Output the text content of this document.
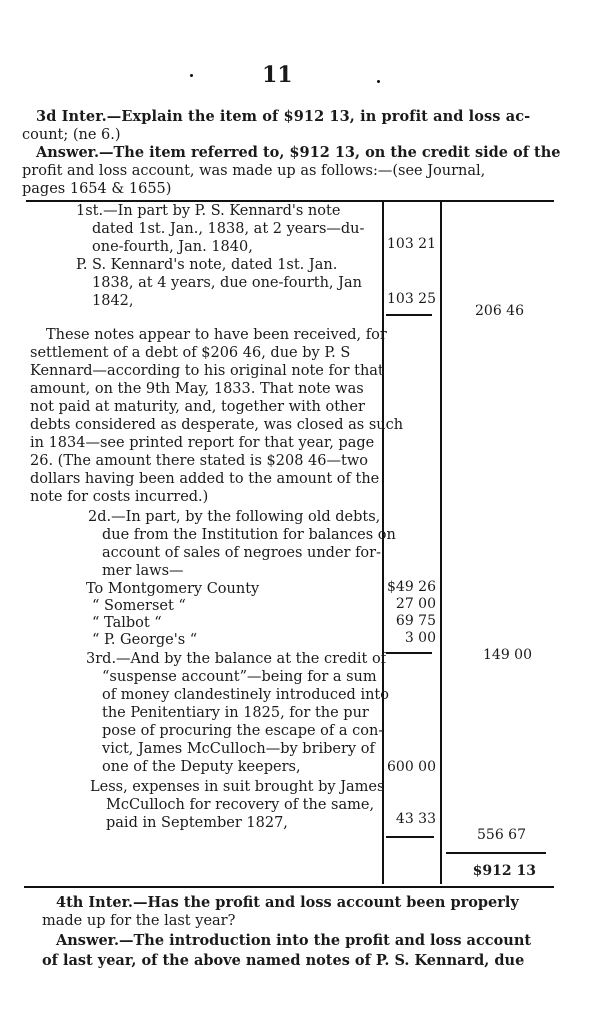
11
3d Inter.—Explain the item of $912 13, in profit and loss ac-
count; (ne 6.)
Answer.—The item referred to, $912 13, on the credit side of the
profit and loss account, was made up as follows:—(see Journal,
pages 1654 & 1655)
1st.—In part by P. S. Kennard's note
dated 1st. Jan., 1838, at 2 years—du-
one-fourth, Jan. 1840,
P. S. Kennard's note, dated 1st. Jan.
1838, at 4 years, due one-fourth, Jan
1842,
103 21
103 25
206 46
These notes appear to have been received, for
settlement of a debt of $206 46, due by P. S
Kennard—according to his original note for that
amount, on the 9th May, 1833. That note was
not paid at maturity, and, together with other
debts considered as desperate, was closed as such
in 1834—see printed report for that year, page
26. (The amount there stated is $208 46—two
dollars having been added to the amount of the
note for costs incurred.)
2d.—In part, by the following old debts,
due from the Institution for balances on
account of sales of negroes under for-
mer laws—
To Montgomery County
“ Somerset “
“ Talbot “
“ P. George's “
$49 26
27 00
69 75
3 00
149 00
3rd.—And by the balance at the credit of
“suspense account”—being for a sum
of money clandestinely introduced into
the Penitentiary in 1825, for the pur
pose of procuring the escape of a con-
vict, James McCulloch—by bribery of
one of the Deputy keepers,	600 00
Less, expenses in suit brought by James
McCulloch for recovery of the same,
paid in September 1827,	43 33
556 67
$912 13
4th Inter.—Has the profit and loss account been properly
made up for the last year?
Answer.—The introduction into the profit and loss account
of last year, of the above named notes of P. S. Kennard, due
